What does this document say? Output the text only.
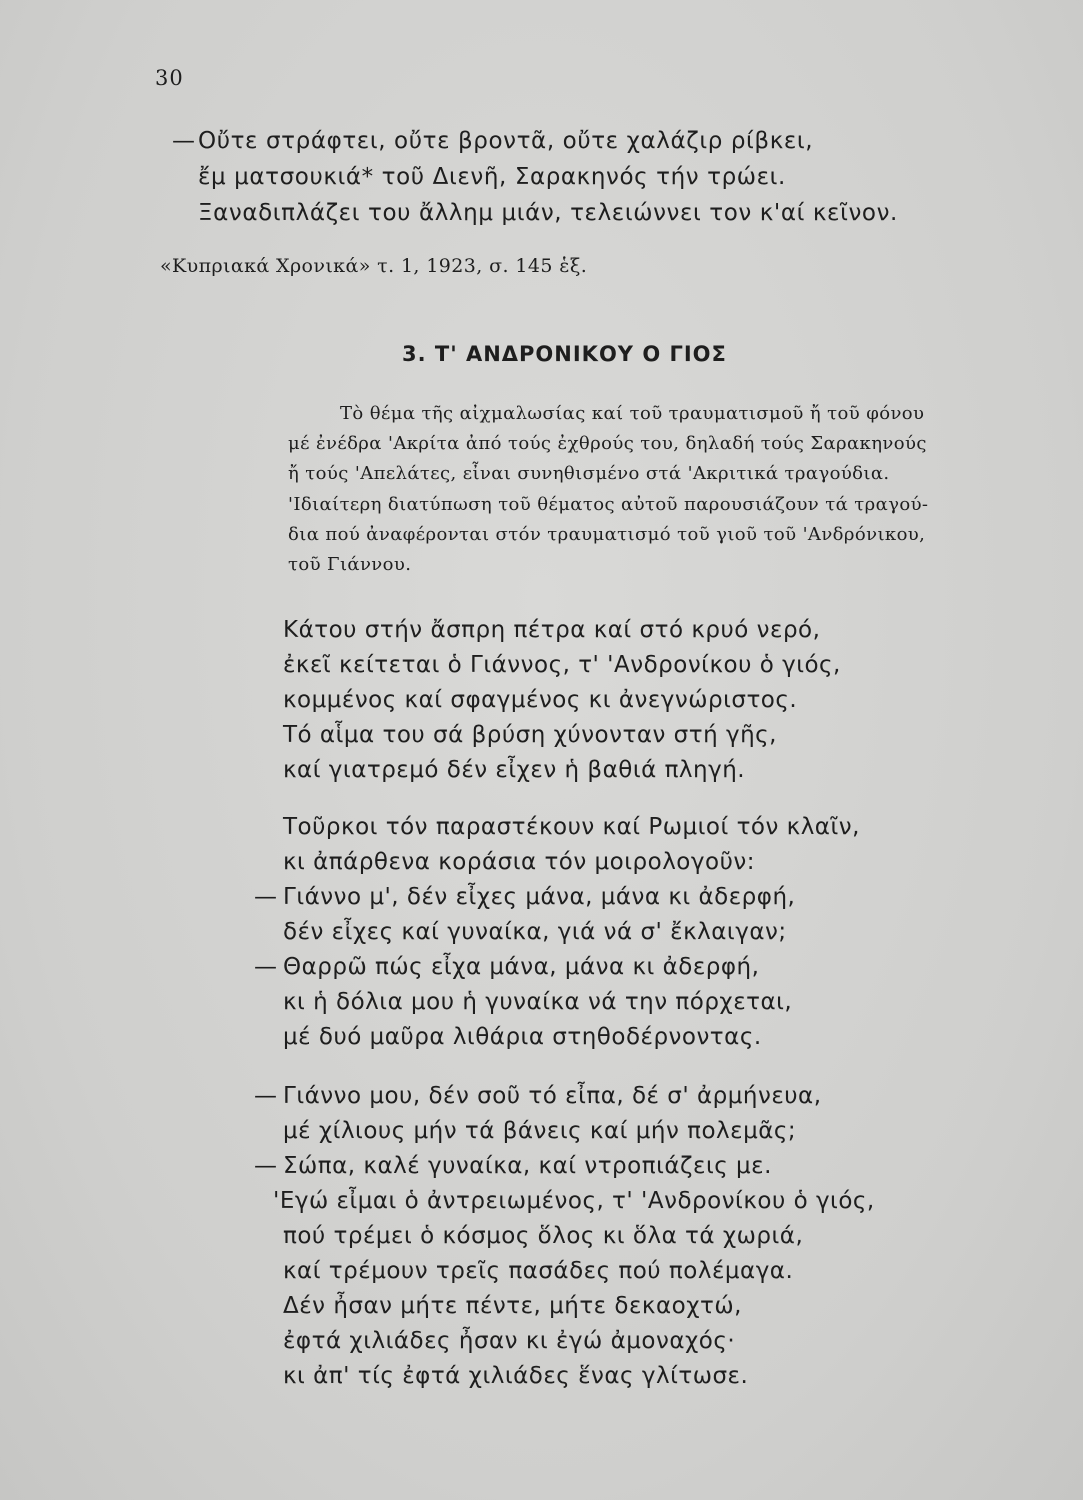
30
— Οὔτε στράφτει, οὔτε βροντᾶ, οὔτε χαλάζιρ ρίβκει,
ἔμ ματσουκιά* τοῦ Διενῆ, Σαρακηνός τήν τρώει.
Ξαναδιπλάζει του ἄλλημ μιάν, τελειώννει τον κ'αί κεῖνον.
«Κυπριακά Χρονικά» τ. 1, 1923, σ. 145 ἑξ.
3. Τ' ΑΝΔΡΟΝΙΚΟΥ Ο ΓΙΟΣ
Τὸ θέμα τῆς αἰχμαλωσίας καί τοῦ τραυματισμοῦ ἤ τοῦ φόνου
μέ ἐνέδρα 'Ακρίτα ἀπό τούς ἐχθρούς του, δηλαδή τούς Σαρακηνούς
ἤ τούς 'Απελάτες, εἶναι συνηθισμένο στά 'Ακριτικά τραγούδια.
'Ιδιαίτερη διατύπωση τοῦ θέματος αὐτοῦ παρουσιάζουν τά τραγού-
δια πού ἀναφέρονται στόν τραυματισμό τοῦ γιοῦ τοῦ 'Ανδρόνικου,
τοῦ Γιάννου.
Κάτου στήν ἄσπρη πέτρα καί στό κρυό νερό,
ἐκεῖ κείτεται ὁ Γιάννος, τ' 'Ανδρονίκου ὁ γιός,
κομμένος καί σφαγμένος κι ἀνεγνώριστος.
Τό αἷμα του σά βρύση χύνονταν στή γῆς,
καί γιατρεμό δέν εἶχεν ἡ βαθιά πληγή.
Τοῦρκοι τόν παραστέκουν καί Ρωμιοί τόν κλαῖν,
κι ἀπάρθενα κοράσια τόν μοιρολογοῦν:
— Γιάννο μ', δέν εἶχες μάνα, μάνα κι ἀδερφή,
δέν εἶχες καί γυναίκα, γιά νά σ' ἔκλαιγαν;
— Θαρρῶ πώς εἶχα μάνα, μάνα κι ἀδερφή,
κι ἡ δόλια μου ἡ γυναίκα νά την πόρχεται,
μέ δυό μαῦρα λιθάρια στηθοδέρνοντας.
— Γιάννο μου, δέν σοῦ τό εἶπα, δέ σ' ἀρμήνευα,
μέ χίλιους μήν τά βάνεις καί μήν πολεμᾶς;
— Σώπα, καλέ γυναίκα, καί ντροπιάζεις με.
'Εγώ εἶμαι ὁ ἀντρειωμένος, τ' 'Ανδρονίκου ὁ γιός,
πού τρέμει ὁ κόσμος ὅλος κι ὅλα τά χωριά,
καί τρέμουν τρεῖς πασάδες πού πολέμαγα.
Δέν ἦσαν μήτε πέντε, μήτε δεκαοχτώ,
ἐφτά χιλιάδες ἦσαν κι ἐγώ ἀμοναχός·
κι ἀπ' τίς ἐφτά χιλιάδες ἕνας γλίτωσε.
